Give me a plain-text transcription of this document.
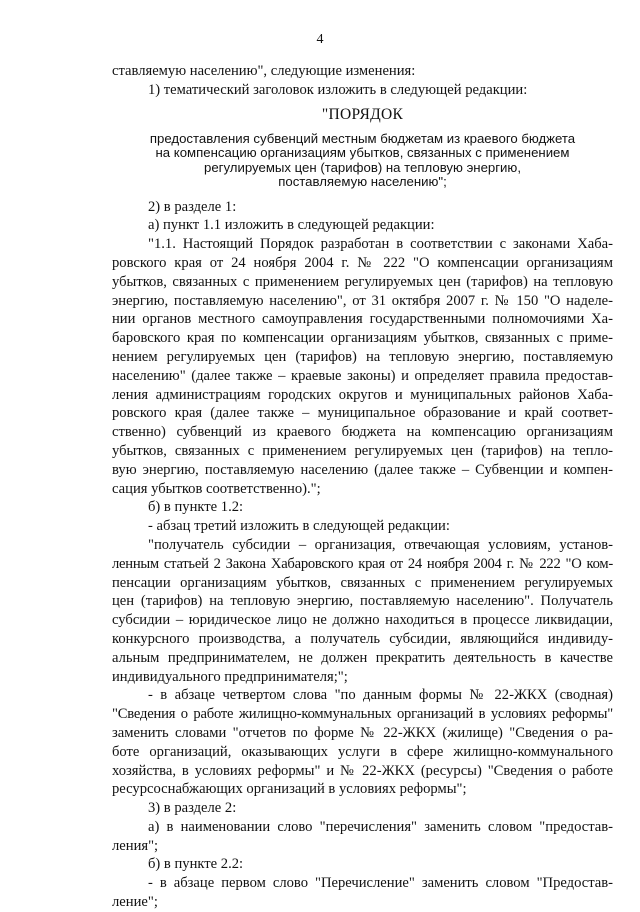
4
ставляемую населению", следующие изменения:
1) тематический заголовок изложить в следующей редакции:
"ПОРЯДОК
предоставления субвенций местным бюджетам из краевого бюджета
на компенсацию организациям убытков, связанных с применением
регулируемых цен (тарифов) на тепловую энергию,
поставляемую населению";
2) в разделе 1:
а) пункт 1.1 изложить в следующей редакции:
"1.1. Настоящий Порядок разработан в соответствии с законами Хаба-
ровского края от 24 ноября 2004 г. № 222 "О компенсации организациям
убытков, связанных с применением регулируемых цен (тарифов) на тепловую
энергию, поставляемую населению", от 31 октября 2007 г. № 150 "О наделе-
нии органов местного самоуправления государственными полномочиями Ха-
баровского края по компенсации организациям убытков, связанных с приме-
нением регулируемых цен (тарифов) на тепловую энергию, поставляемую
населению" (далее также – краевые законы) и определяет правила предостав-
ления администрациям городских округов и муниципальных районов Хаба-
ровского края (далее также – муниципальное образование и край соответ-
ственно) субвенций из краевого бюджета на компенсацию организациям
убытков, связанных с применением регулируемых цен (тарифов) на тепло-
вую энергию, поставляемую населению (далее также – Субвенции и компен-
сация убытков соответственно).";
б) в пункте 1.2:
- абзац третий изложить в следующей редакции:
"получатель субсидии – организация, отвечающая условиям, установ-
ленным статьей 2 Закона Хабаровского края от 24 ноября 2004 г. № 222 "О ком-
пенсации организациям убытков, связанных с применением регулируемых
цен (тарифов) на тепловую энергию, поставляемую населению". Получатель
субсидии – юридическое лицо не должно находиться в процессе ликвидации,
конкурсного производства, а получатель субсидии, являющийся индивиду-
альным предпринимателем, не должен прекратить деятельность в качестве
индивидуального предпринимателя;";
- в абзаце четвертом слова "по данным формы № 22-ЖКХ (сводная)
"Сведения о работе жилищно-коммунальных организаций в условиях реформы"
заменить словами "отчетов по форме № 22-ЖКХ (жилище) "Сведения о ра-
боте организаций, оказывающих услуги в сфере жилищно-коммунального
хозяйства, в условиях реформы" и № 22-ЖКХ (ресурсы) "Сведения о работе
ресурсоснабжающих организаций в условиях реформы";
3) в разделе 2:
а) в наименовании слово "перечисления" заменить словом "предостав-
ления";
б) в пункте 2.2:
- в абзаце первом слово "Перечисление" заменить словом "Предостав-
ление";
